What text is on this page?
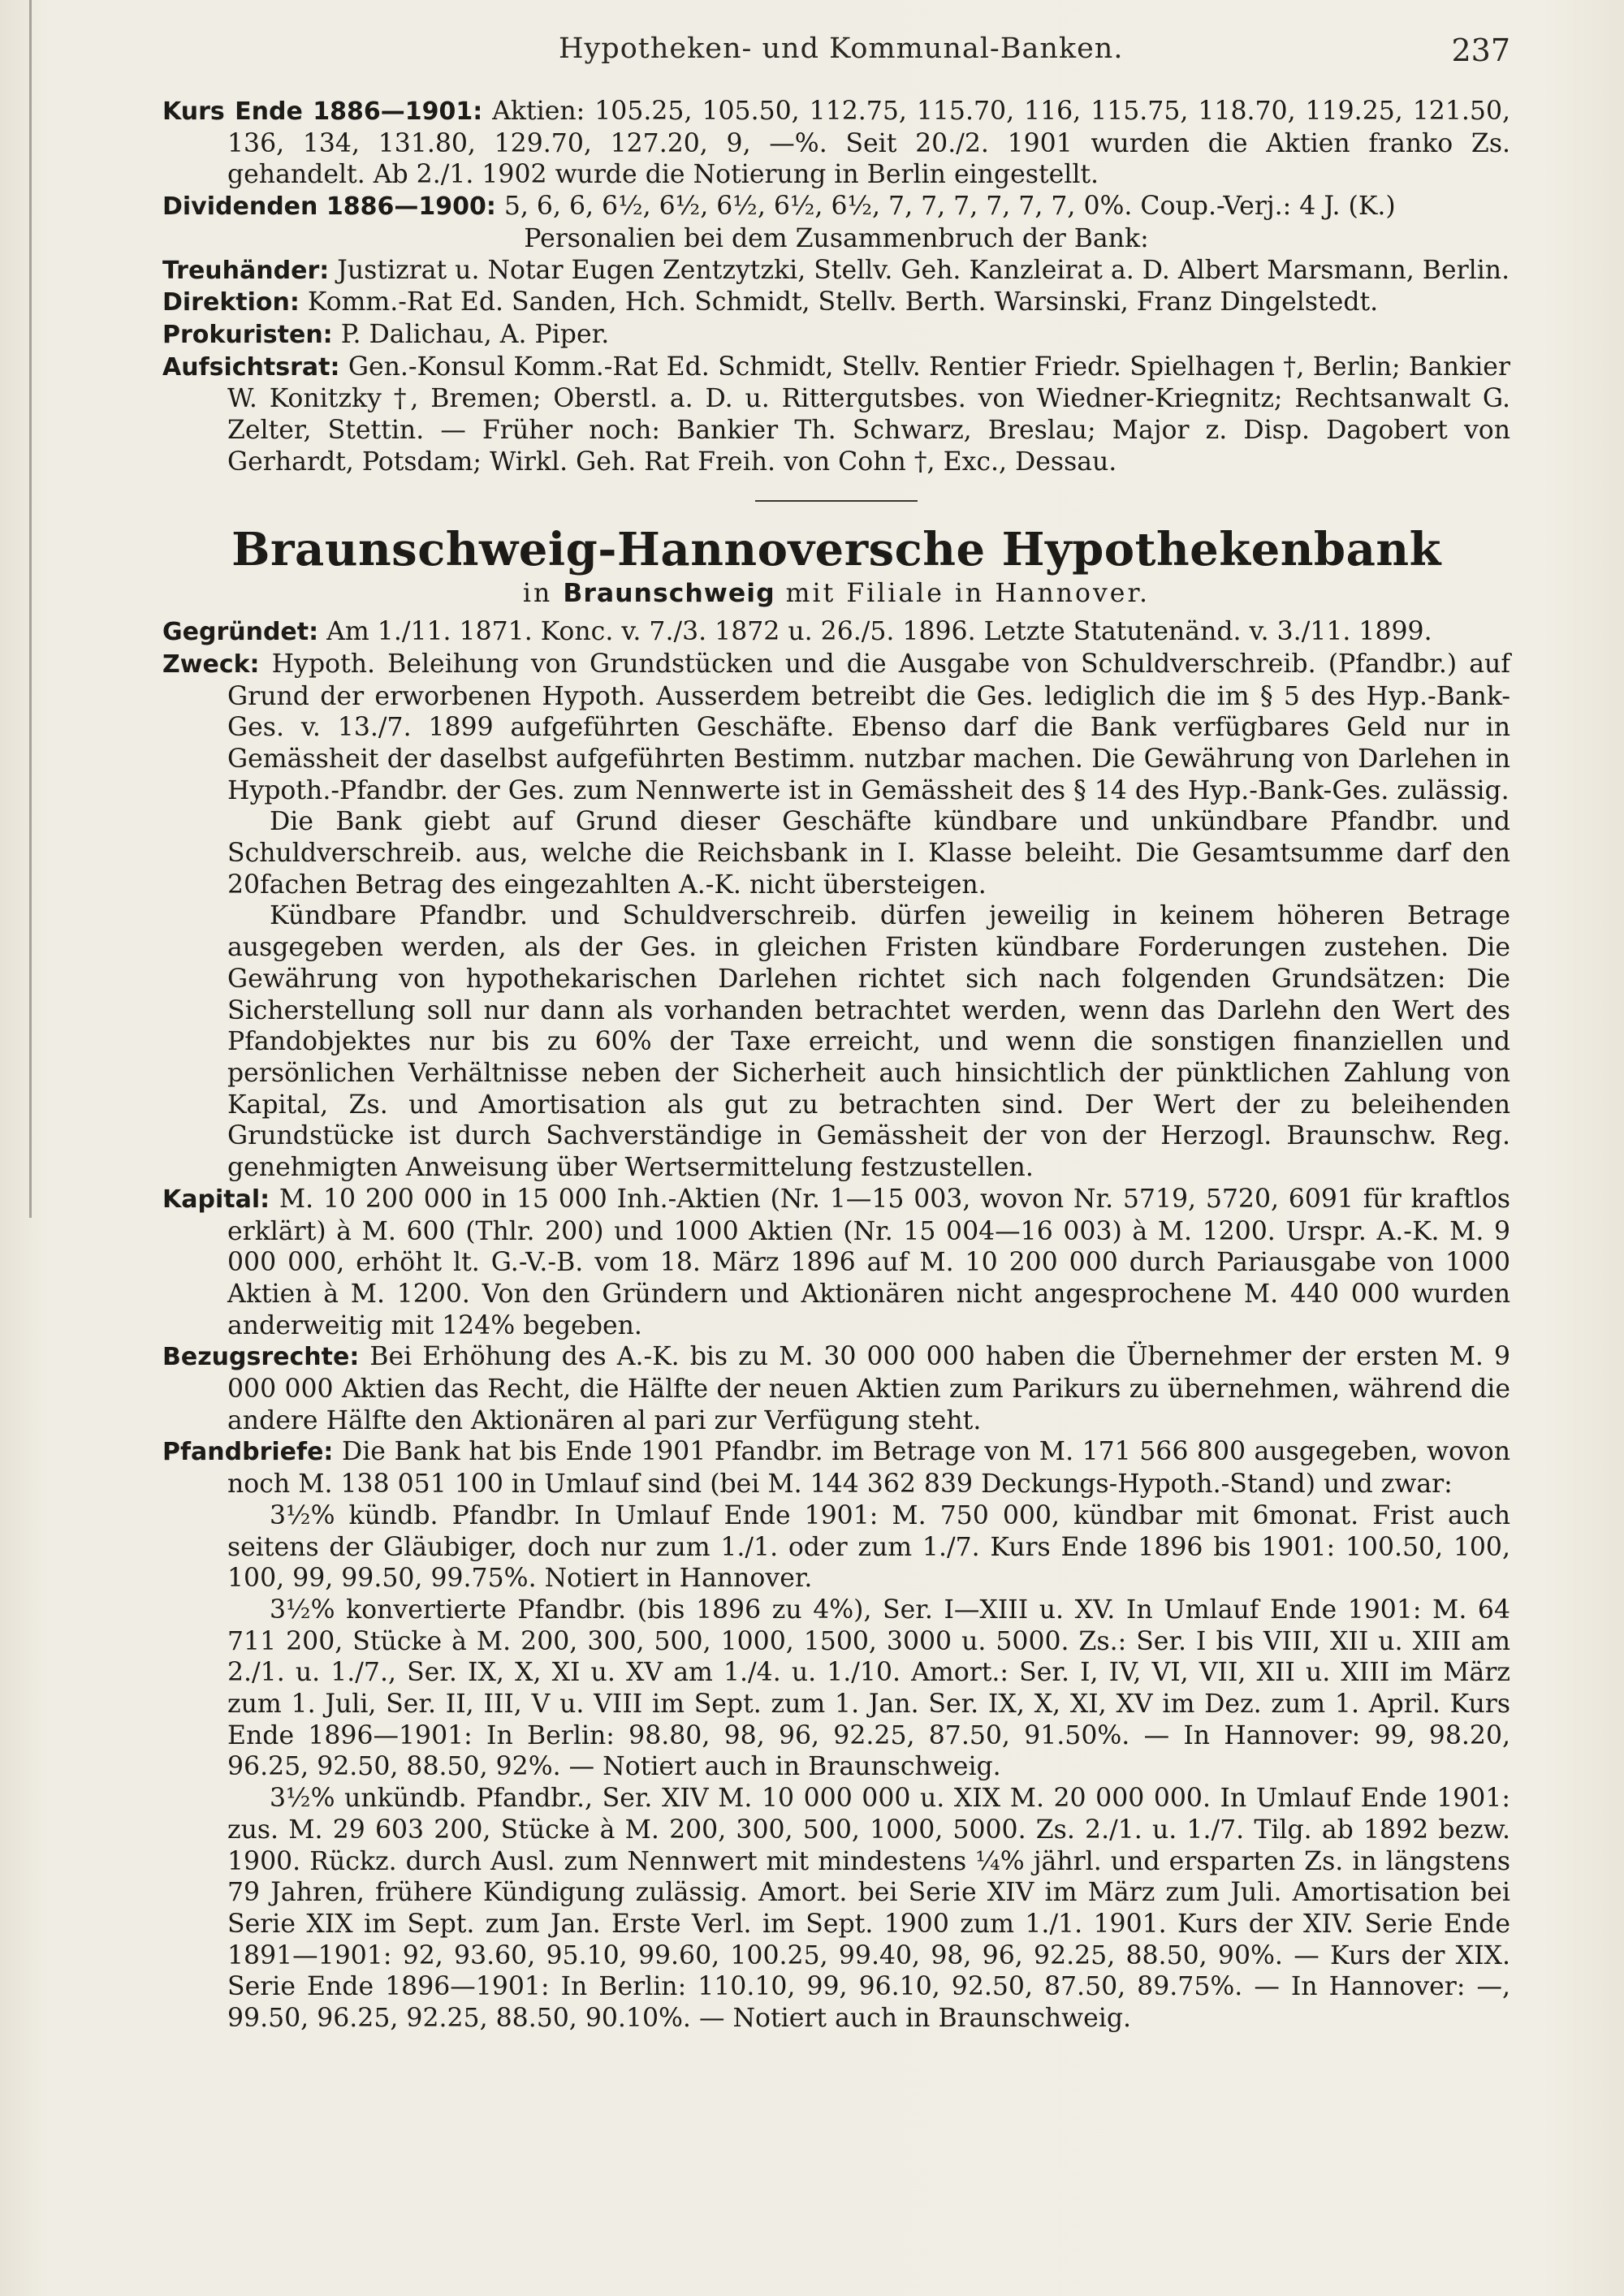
Hypotheken- und Kommunal-Banken.	237

Kurs Ende 1886—1901: Aktien: 105.25, 105.50, 112.75, 115.70, 116, 115.75, 118.70, 119.25, 121.50, 136, 134, 131.80, 129.70, 127.20, 9, —%. Seit 20./2. 1901 wurden die Aktien franko Zs. gehandelt. Ab 2./1. 1902 wurde die Notierung in Berlin eingestellt.

Dividenden 1886—1900: 5, 6, 6, 6½, 6½, 6½, 6½, 6½, 7, 7, 7, 7, 7, 7, 0%. Coup.-Verj.: 4 J. (K.)

Personalien bei dem Zusammenbruch der Bank:

Treuhänder: Justizrat u. Notar Eugen Zentzytzki, Stellv. Geh. Kanzleirat a. D. Albert Marsmann, Berlin.

Direktion: Komm.-Rat Ed. Sanden, Hch. Schmidt, Stellv. Berth. Warsinski, Franz Dingelstedt.

Prokuristen: P. Dalichau, A. Piper.

Aufsichtsrat: Gen.-Konsul Komm.-Rat Ed. Schmidt, Stellv. Rentier Friedr. Spielhagen †, Berlin; Bankier W. Konitzky †, Bremen; Oberstl. a. D. u. Rittergutsbes. von Wiedner-Kriegnitz; Rechtsanwalt G. Zelter, Stettin. — Früher noch: Bankier Th. Schwarz, Breslau; Major z. Disp. Dagobert von Gerhardt, Potsdam; Wirkl. Geh. Rat Freih. von Cohn †, Exc., Dessau.

Braunschweig-Hannoversche Hypothekenbank

in Braunschweig mit Filiale in Hannover.

Gegründet: Am 1./11. 1871. Konc. v. 7./3. 1872 u. 26./5. 1896. Letzte Statutenänd. v. 3./11. 1899.

Zweck: Hypoth. Beleihung von Grundstücken und die Ausgabe von Schuldverschreib. (Pfandbr.) auf Grund der erworbenen Hypoth. Ausserdem betreibt die Ges. lediglich die im § 5 des Hyp.-Bank-Ges. v. 13./7. 1899 aufgeführten Geschäfte. Ebenso darf die Bank verfügbares Geld nur in Gemässheit der daselbst aufgeführten Bestimm. nutzbar machen. Die Gewährung von Darlehen in Hypoth.-Pfandbr. der Ges. zum Nennwerte ist in Gemässheit des § 14 des Hyp.-Bank-Ges. zulässig.

Die Bank giebt auf Grund dieser Geschäfte kündbare und unkündbare Pfandbr. und Schuldverschreib. aus, welche die Reichsbank in I. Klasse beleiht. Die Gesamtsumme darf den 20fachen Betrag des eingezahlten A.-K. nicht übersteigen.

Kündbare Pfandbr. und Schuldverschreib. dürfen jeweilig in keinem höheren Betrage ausgegeben werden, als der Ges. in gleichen Fristen kündbare Forderungen zustehen. Die Gewährung von hypothekarischen Darlehen richtet sich nach folgenden Grundsätzen: Die Sicherstellung soll nur dann als vorhanden betrachtet werden, wenn das Darlehn den Wert des Pfandobjektes nur bis zu 60% der Taxe erreicht, und wenn die sonstigen finanziellen und persönlichen Verhältnisse neben der Sicherheit auch hinsichtlich der pünktlichen Zahlung von Kapital, Zs. und Amortisation als gut zu betrachten sind. Der Wert der zu beleihenden Grundstücke ist durch Sachverständige in Gemässheit der von der Herzogl. Braunschw. Reg. genehmigten Anweisung über Wertsermittelung festzustellen.

Kapital: M. 10 200 000 in 15 000 Inh.-Aktien (Nr. 1—15 003, wovon Nr. 5719, 5720, 6091 für kraftlos erklärt) à M. 600 (Thlr. 200) und 1000 Aktien (Nr. 15 004—16 003) à M. 1200. Urspr. A.-K. M. 9 000 000, erhöht lt. G.-V.-B. vom 18. März 1896 auf M. 10 200 000 durch Pariausgabe von 1000 Aktien à M. 1200. Von den Gründern und Aktionären nicht angesprochene M. 440 000 wurden anderweitig mit 124% begeben.

Bezugsrechte: Bei Erhöhung des A.-K. bis zu M. 30 000 000 haben die Übernehmer der ersten M. 9 000 000 Aktien das Recht, die Hälfte der neuen Aktien zum Parikurs zu übernehmen, während die andere Hälfte den Aktionären al pari zur Verfügung steht.

Pfandbriefe: Die Bank hat bis Ende 1901 Pfandbr. im Betrage von M. 171 566 800 ausgegeben, wovon noch M. 138 051 100 in Umlauf sind (bei M. 144 362 839 Deckungs-Hypoth.-Stand) und zwar:

3½% kündb. Pfandbr. In Umlauf Ende 1901: M. 750 000, kündbar mit 6monat. Frist auch seitens der Gläubiger, doch nur zum 1./1. oder zum 1./7. Kurs Ende 1896 bis 1901: 100.50, 100, 100, 99, 99.50, 99.75%. Notiert in Hannover.

3½% konvertierte Pfandbr. (bis 1896 zu 4%), Ser. I—XIII u. XV. In Umlauf Ende 1901: M. 64 711 200, Stücke à M. 200, 300, 500, 1000, 1500, 3000 u. 5000. Zs.: Ser. I bis VIII, XII u. XIII am 2./1. u. 1./7., Ser. IX, X, XI u. XV am 1./4. u. 1./10. Amort.: Ser. I, IV, VI, VII, XII u. XIII im März zum 1. Juli, Ser. II, III, V u. VIII im Sept. zum 1. Jan. Ser. IX, X, XI, XV im Dez. zum 1. April. Kurs Ende 1896—1901: In Berlin: 98.80, 98, 96, 92.25, 87.50, 91.50%. — In Hannover: 99, 98.20, 96.25, 92.50, 88.50, 92%. — Notiert auch in Braunschweig.

3½% unkündb. Pfandbr., Ser. XIV M. 10 000 000 u. XIX M. 20 000 000. In Umlauf Ende 1901: zus. M. 29 603 200, Stücke à M. 200, 300, 500, 1000, 5000. Zs. 2./1. u. 1./7. Tilg. ab 1892 bezw. 1900. Rückz. durch Ausl. zum Nennwert mit mindestens ¼% jährl. und ersparten Zs. in längstens 79 Jahren, frühere Kündigung zulässig. Amort. bei Serie XIV im März zum Juli. Amortisation bei Serie XIX im Sept. zum Jan. Erste Verl. im Sept. 1900 zum 1./1. 1901. Kurs der XIV. Serie Ende 1891—1901: 92, 93.60, 95.10, 99.60, 100.25, 99.40, 98, 96, 92.25, 88.50, 90%. — Kurs der XIX. Serie Ende 1896—1901: In Berlin: 110.10, 99, 96.10, 92.50, 87.50, 89.75%. — In Hannover: —, 99.50, 96.25, 92.25, 88.50, 90.10%. — Notiert auch in Braunschweig.
